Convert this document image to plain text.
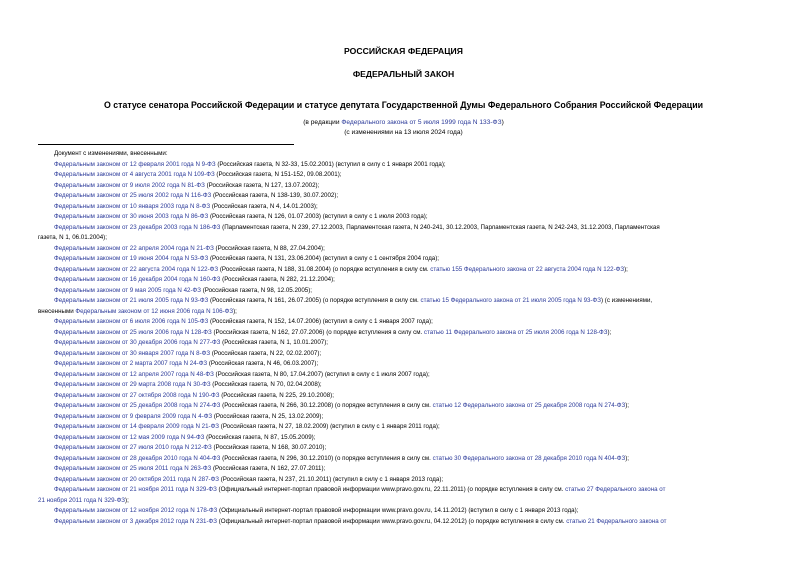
РОССИЙСКАЯ ФЕДЕРАЦИЯ
ФЕДЕРАЛЬНЫЙ ЗАКОН
О статусе сенатора Российской Федерации и статусе депутата Государственной Думы Федерального Собрания Российской Федерации
(в редакции Федерального закона от 5 июля 1999 года N 133-ФЗ)
(с изменениями на 13 июля 2024 года)

Документ с изменениями, внесенными:

Федеральным законом от 12 февраля 2001 года N 9-ФЗ (Российская газета, N 32-33, 15.02.2001) (вступил в силу с 1 января 2001 года);

Федеральным законом от 4 августа 2001 года N 109-ФЗ (Российская газета, N 151-152, 09.08.2001);

Федеральным законом от 9 июля 2002 года N 81-ФЗ (Российская газета, N 127, 13.07.2002);

Федеральным законом от 25 июля 2002 года N 116-ФЗ (Российская газета, N 138-139, 30.07.2002);

Федеральным законом от 10 января 2003 года N 8-ФЗ (Российская газета, N 4, 14.01.2003);

Федеральным законом от 30 июня 2003 года N 86-ФЗ (Российская газета, N 126, 01.07.2003) (вступил в силу с 1 июля 2003 года);

Федеральным законом от 23 декабря 2003 года N 186-ФЗ (Парламентская газета, N 239, 27.12.2003, Парламентская газета, N 240-241, 30.12.2003, Парламентская газета, N 242-243, 31.12.2003, Парламентская

газета, N 1, 06.01.2004);

Федеральным законом от 22 апреля 2004 года N 21-ФЗ (Российская газета, N 88, 27.04.2004);

Федеральным законом от 19 июня 2004 года N 53-ФЗ (Российская газета, N 131, 23.06.2004) (вступил в силу с 1 сентября 2004 года);

Федеральным законом от 22 августа 2004 года N 122-ФЗ (Российская газета, N 188, 31.08.2004) (о порядке вступления в силу см. статью 155 Федерального закона от 22 августа 2004 года N 122-ФЗ);

Федеральным законом от 16 декабря 2004 года N 160-ФЗ (Российская газета, N 282, 21.12.2004);

Федеральным законом от 9 мая 2005 года N 42-ФЗ (Российская газета, N 98, 12.05.2005);

Федеральным законом от 21 июля 2005 года N 93-ФЗ (Российская газета, N 161, 26.07.2005) (о порядке вступления в силу см. статью 15 Федерального закона от 21 июля 2005 года N 93-ФЗ) (с изменениями,

внесенными Федеральным законом от 12 июня 2006 года N 106-ФЗ);

Федеральным законом от 6 июля 2006 года N 105-ФЗ (Российская газета, N 152, 14.07.2006) (вступил в силу с 1 января 2007 года);

Федеральным законом от 25 июля 2006 года N 128-ФЗ (Российская газета, N 162, 27.07.2006) (о порядке вступления в силу см. статью 11 Федерального закона от 25 июля 2006 года N 128-ФЗ);

Федеральным законом от 30 декабря 2006 года N 277-ФЗ (Российская газета, N 1, 10.01.2007);

Федеральным законом от 30 января 2007 года N 8-ФЗ (Российская газета, N 22, 02.02.2007);

Федеральным законом от 2 марта 2007 года N 24-ФЗ (Российская газета, N 46, 06.03.2007);

Федеральным законом от 12 апреля 2007 года N 48-ФЗ (Российская газета, N 80, 17.04.2007) (вступил в силу с 1 июля 2007 года);

Федеральным законом от 29 марта 2008 года N 30-ФЗ (Российская газета, N 70, 02.04.2008);

Федеральным законом от 27 октября 2008 года N 190-ФЗ (Российская газета, N 225, 29.10.2008);

Федеральным законом от 25 декабря 2008 года N 274-ФЗ (Российская газета, N 266, 30.12.2008) (о порядке вступления в силу см. статью 12 Федерального закона от 25 декабря 2008 года N 274-ФЗ);

Федеральным законом от 9 февраля 2009 года N 4-ФЗ (Российская газета, N 25, 13.02.2009);

Федеральным законом от 14 февраля 2009 года N 21-ФЗ (Российская газета, N 27, 18.02.2009) (вступил в силу с 1 января 2011 года);

Федеральным законом от 12 мая 2009 года N 94-ФЗ (Российская газета, N 87, 15.05.2009);

Федеральным законом от 27 июля 2010 года N 212-ФЗ (Российская газета, N 168, 30.07.2010);

Федеральным законом от 28 декабря 2010 года N 404-ФЗ (Российская газета, N 296, 30.12.2010) (о порядке вступления в силу см. статью 30 Федерального закона от 28 декабря 2010 года N 404-ФЗ);

Федеральным законом от 25 июля 2011 года N 263-ФЗ (Российская газета, N 162, 27.07.2011);

Федеральным законом от 20 октября 2011 года N 287-ФЗ (Российская газета, N 237, 21.10.2011) (вступил в силу с 1 января 2013 года);

Федеральным законом от 21 ноября 2011 года N 329-ФЗ (Официальный интернет-портал правовой информации www.pravo.gov.ru, 22.11.2011) (о порядке вступления в силу см. статью 27 Федерального закона от

21 ноября 2011 года N 329-ФЗ);

Федеральным законом от 12 ноября 2012 года N 178-ФЗ (Официальный интернет-портал правовой информации www.pravo.gov.ru, 14.11.2012) (вступил в силу с 1 января 2013 года);

Федеральным законом от 3 декабря 2012 года N 231-ФЗ (Официальный интернет-портал правовой информации www.pravo.gov.ru, 04.12.2012) (о порядке вступления в силу см. статью 21 Федерального закона от
